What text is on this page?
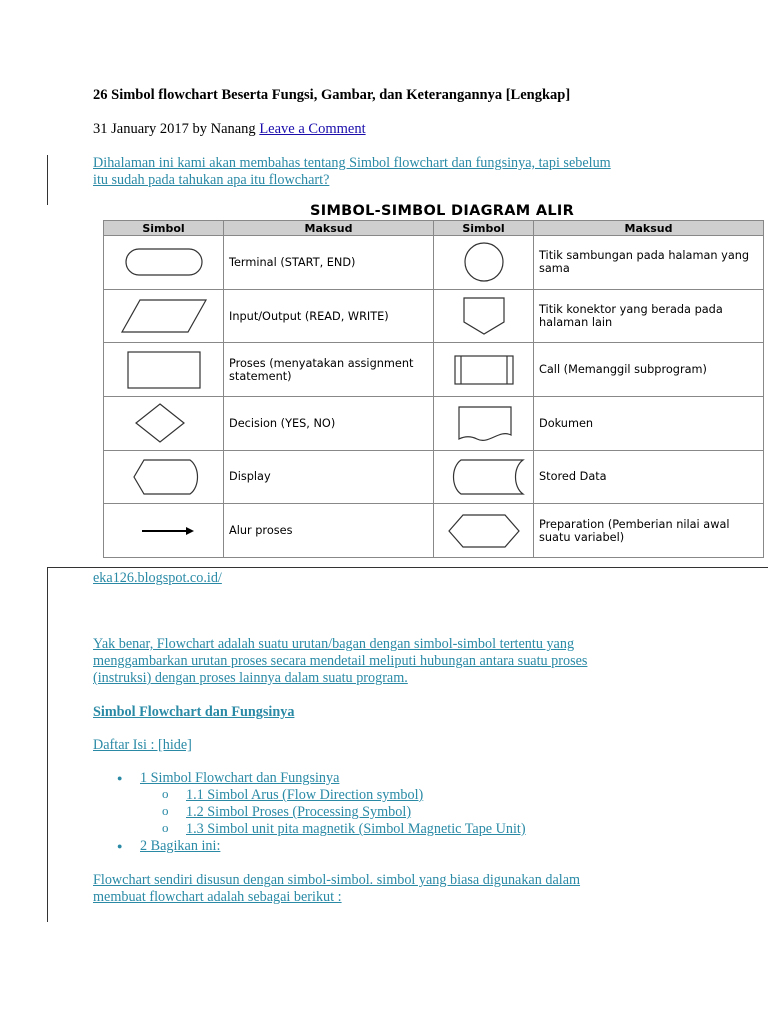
26 Simbol flowchart Beserta Fungsi, Gambar, dan Keterangannya [Lengkap]
31 January 2017 by Nanang Leave a Comment
Dihalaman ini kami akan membahas tentang Simbol flowchart dan fungsinya, tapi sebelum
itu sudah pada tahukan apa itu flowchart?
SIMBOL-SIMBOL DIAGRAM ALIR
Simbol	Maksud	Simbol	Maksud

	Terminal (START, END)		Titik sambungan pada halaman yang sama

	Input/Output (READ, WRITE)		Titik konektor yang berada pada halaman lain

	Proses (menyatakan assignment statement)		Call (Memanggil subprogram)

	Decision (YES, NO)		Dokumen

	Display		Stored Data

	Alur proses		Preparation (Pemberian nilai awal suatu variabel)
eka126.blogspot.co.id/
Yak benar, Flowchart adalah suatu urutan/bagan dengan simbol-simbol tertentu yang
menggambarkan urutan proses secara mendetail meliputi hubungan antara suatu proses
(instruksi) dengan proses lainnya dalam suatu program.
Simbol Flowchart dan Fungsinya
Daftar Isi : [hide]
● 1 Simbol Flowchart dan Fungsinya
o 1.1 Simbol Arus (Flow Direction symbol)
o 1.2 Simbol Proses (Processing Symbol)
o 1.3 Simbol unit pita magnetik (Simbol Magnetic Tape Unit)
● 2 Bagikan ini:
Flowchart sendiri disusun dengan simbol-simbol. simbol yang biasa digunakan dalam
membuat flowchart adalah sebagai berikut :
